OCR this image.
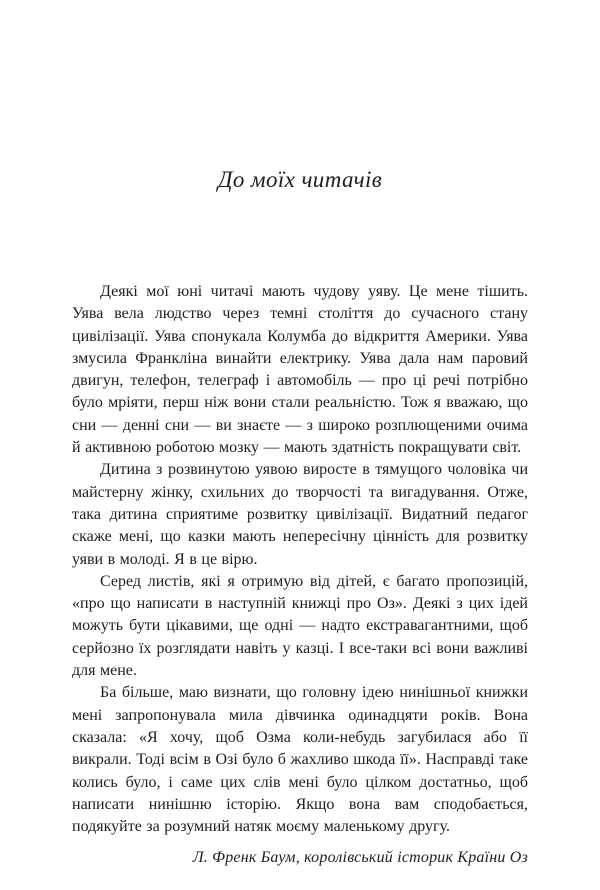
До моїх читачів

Деякі мої юні читачі мають чудову уяву. Це мене тішить. Уява вела людство через темні століття до сучасного стану цивілізації. Уява спонукала Колумба до відкриття Америки. Уява змусила Франкліна винайти електрику. Уява дала нам паровий двигун, телефон, телеграф і автомобіль — про ці речі потрібно було мріяти, перш ніж вони стали реальністю. Тож я вважаю, що сни — денні сни — ви знаєте — з широко розплющеними очима й активною роботою мозку — мають здатність покращувати світ.

Дитина з розвинутою уявою виросте в тямущого чоловіка чи майстерну жінку, схильних до творчості та вигадування. Отже, така дитина сприятиме розвитку цивілізації. Видатний педагог скаже мені, що казки мають непересічну цінність для розвитку уяви в молоді. Я в це вірю.

Серед листів, які я отримую від дітей, є багато пропозицій, «про що написати в наступній книжці про Оз». Деякі з цих ідей можуть бути цікавими, ще одні — надто екстравагантними, щоб серйозно їх розглядати навіть у казці. І все-таки всі вони важливі для мене.

Ба більше, маю визнати, що головну ідею нинішньої книжки мені запропонувала мила дівчинка одинадцяти років. Вона сказала: «Я хочу, щоб Озма коли-небудь загубилася або її викрали. Тоді всім в Озі було б жахливо шкода її». Насправді таке колись було, і саме цих слів мені було цілком достатньо, щоб написати нинішню історію. Якщо вона вам сподобається, подякуйте за розумний натяк моєму маленькому другу.

Л. Френк Баум, королівський історик Країни Оз
